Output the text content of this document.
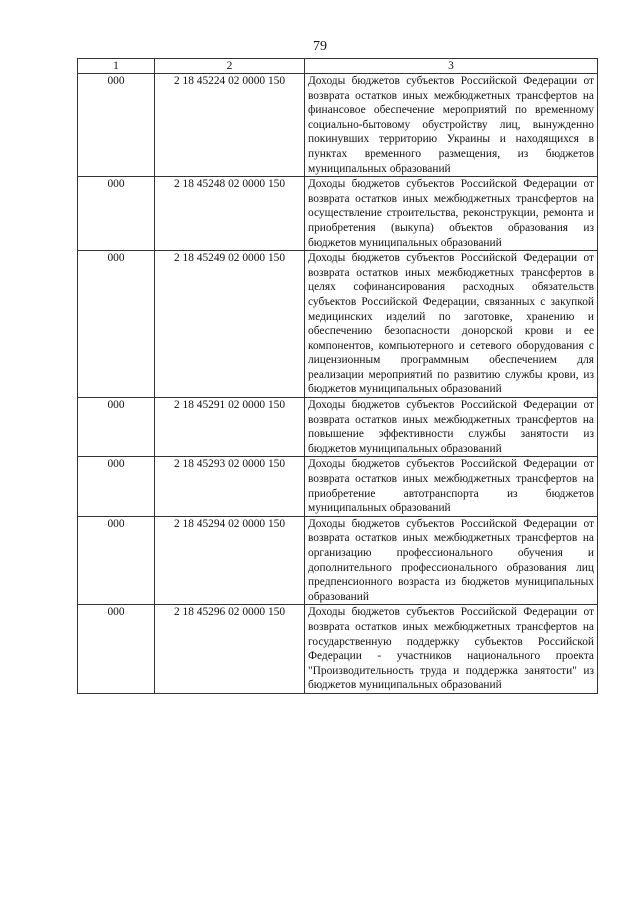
79
1	2	3
000	2 18 45224 02 0000 150	Доходы бюджетов субъектов Российской Федерации от возврата остатков иных межбюджетных трансфертов на финансовое обеспечение мероприятий по временному социально-бытовому обустройству лиц, вынужденно покинувших территорию Украины и находящихся в пунктах временного размещения, из бюджетов муниципальных образований
000	2 18 45248 02 0000 150	Доходы бюджетов субъектов Российской Федерации от возврата остатков иных межбюджетных трансфертов на осуществление строительства, реконструкции, ремонта и приобретения (выкупа) объектов образования из бюджетов муниципальных образований
000	2 18 45249 02 0000 150	Доходы бюджетов субъектов Российской Федерации от возврата остатков иных межбюджетных трансфертов в целях софинансирования расходных обязательств субъектов Российской Федерации, связанных с закупкой медицинских изделий по заготовке, хранению и обеспечению безопасности донорской крови и ее компонентов, компьютерного и сетевого оборудования с лицензионным программным обеспечением для реализации мероприятий по развитию службы крови, из бюджетов муниципальных образований
000	2 18 45291 02 0000 150	Доходы бюджетов субъектов Российской Федерации от возврата остатков иных межбюджетных трансфертов на повышение эффективности службы занятости из бюджетов муниципальных образований
000	2 18 45293 02 0000 150	Доходы бюджетов субъектов Российской Федерации от возврата остатков иных межбюджетных трансфертов на приобретение автотранспорта из бюджетов муниципальных образований
000	2 18 45294 02 0000 150	Доходы бюджетов субъектов Российской Федерации от возврата остатков иных межбюджетных трансфертов на организацию профессионального обучения и дополнительного профессионального образования лиц предпенсионного возраста из бюджетов муниципальных образований
000	2 18 45296 02 0000 150	Доходы бюджетов субъектов Российской Федерации от возврата остатков иных межбюджетных трансфертов на государственную поддержку субъектов Российской Федерации - участников национального проекта "Производительность труда и поддержка занятости" из бюджетов муниципальных образований
